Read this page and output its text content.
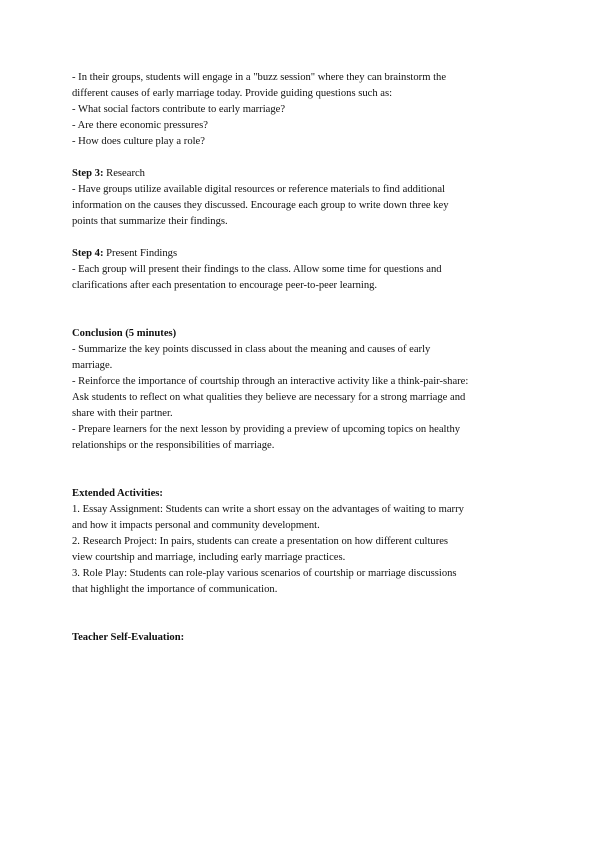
- In their groups, students will engage in a "buzz session" where they can brainstorm the
different causes of early marriage today. Provide guiding questions such as:
- What social factors contribute to early marriage?
- Are there economic pressures?
- How does culture play a role?
Step 3: Research
- Have groups utilize available digital resources or reference materials to find additional
information on the causes they discussed. Encourage each group to write down three key
points that summarize their findings.
Step 4: Present Findings
- Each group will present their findings to the class. Allow some time for questions and
clarifications after each presentation to encourage peer-to-peer learning.
Conclusion (5 minutes)
- Summarize the key points discussed in class about the meaning and causes of early
marriage.
- Reinforce the importance of courtship through an interactive activity like a think-pair-share:
Ask students to reflect on what qualities they believe are necessary for a strong marriage and
share with their partner.
- Prepare learners for the next lesson by providing a preview of upcoming topics on healthy
relationships or the responsibilities of marriage.
Extended Activities:
1. Essay Assignment: Students can write a short essay on the advantages of waiting to marry
and how it impacts personal and community development.
2. Research Project: In pairs, students can create a presentation on how different cultures
view courtship and marriage, including early marriage practices.
3. Role Play: Students can role-play various scenarios of courtship or marriage discussions
that highlight the importance of communication.
Teacher Self-Evaluation:
